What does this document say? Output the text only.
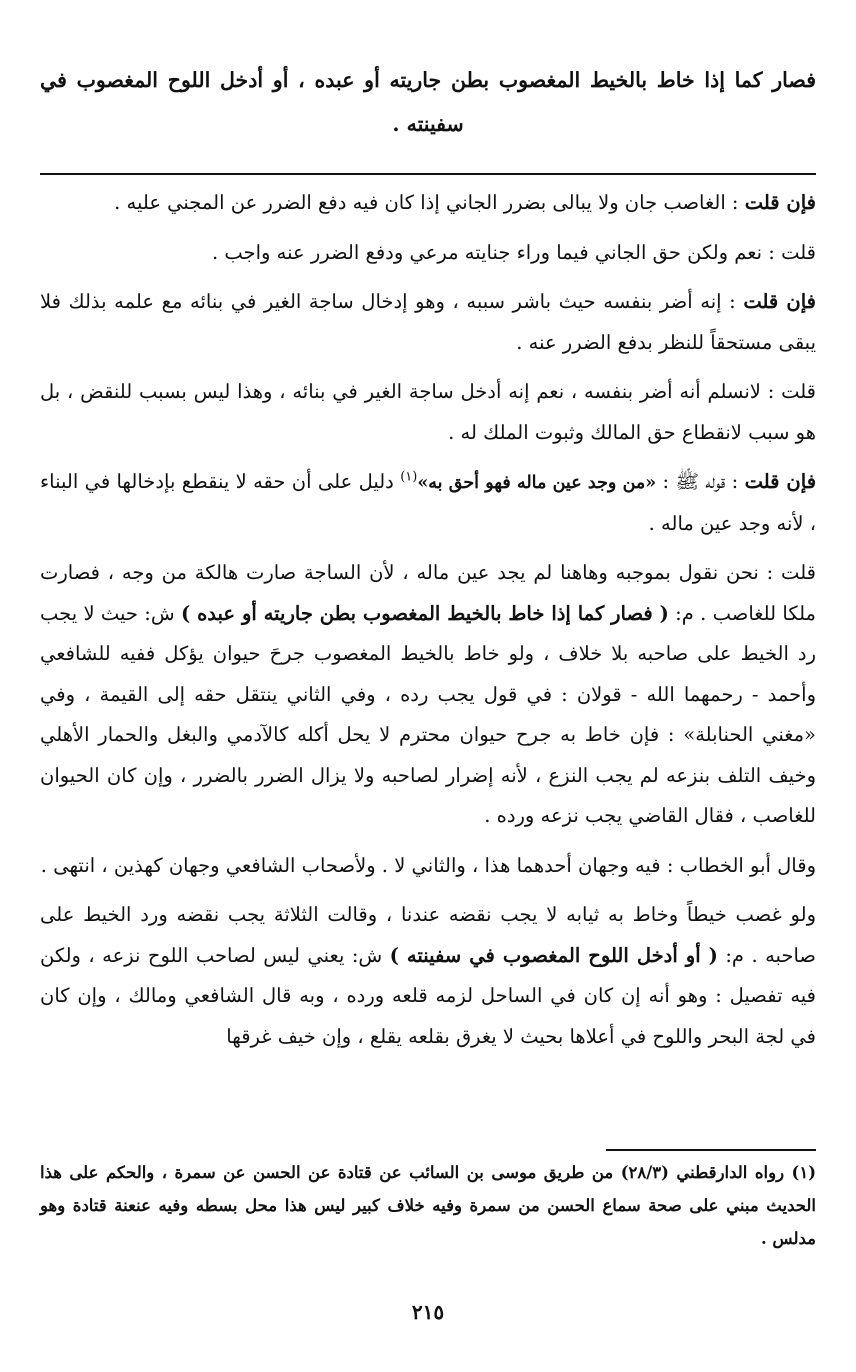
فصار كما إذا خاط بالخيط المغصوب بطن جاريته أو عبده ، أو أدخل اللوح المغصوب في سفينته .

فإن قلت : الغاصب جان ولا يبالى بضرر الجاني إذا كان فيه دفع الضرر عن المجني عليه .

قلت : نعم ولكن حق الجاني فيما وراء جنايته مرعي ودفع الضرر عنه واجب .

فإن قلت : إنه أضر بنفسه حيث باشر سببه ، وهو إدخال ساجة الغير في بنائه مع علمه بذلك فلا يبقى مستحقاً للنظر بدفع الضرر عنه .

قلت : لانسلم أنه أضر بنفسه ، نعم إنه أدخل ساجة الغير في بنائه ، وهذا ليس بسبب للنقض ، بل هو سبب لانقطاع حق المالك وثبوت الملك له .

فإن قلت : قوله ﷺ : «من وجد عين ماله فهو أحق به»$^{(١)}$ دليل على أن حقه لا ينقطع بإدخالها في البناء ، لأنه وجد عين ماله .

قلت : نحن نقول بموجبه وهاهنا لم يجد عين ماله ، لأن الساجة صارت هالكة من وجه ، فصارت ملكا للغاصب . م: ( فصار كما إذا خاط بالخيط المغصوب بطن جاريته أو عبده ) ش: حيث لا يجب رد الخيط على صاحبه بلا خلاف ، ولو خاط بالخيط المغصوب جرحَ حيوان يؤكل ففيه للشافعي وأحمد - رحمهما الله - قولان : في قول يجب رده ، وفي الثاني ينتقل حقه إلى القيمة ، وفي «مغني الحنابلة» : فإن خاط به جرح حيوان محترم لا يحل أكله كالآدمي والبغل والحمار الأهلي وخيف التلف بنزعه لم يجب النزع ، لأنه إضرار لصاحبه ولا يزال الضرر بالضرر ، وإن كان الحيوان للغاصب ، فقال القاضي يجب نزعه ورده .

وقال أبو الخطاب : فيه وجهان أحدهما هذا ، والثاني لا . ولأصحاب الشافعي وجهان كهذين ، انتهى .

ولو غصب خيطاً وخاط به ثيابه لا يجب نقضه عندنا ، وقالت الثلاثة يجب نقضه ورد الخيط على صاحبه . م: ( أو أدخل اللوح المغصوب في سفينته ) ش: يعني ليس لصاحب اللوح نزعه ، ولكن فيه تفصيل : وهو أنه إن كان في الساحل لزمه قلعه ورده ، وبه قال الشافعي ومالك ، وإن كان في لجة البحر واللوح في أعلاها بحيث لا يغرق بقلعه يقلع ، وإن خيف غرقها

(١) رواه الدارقطني (٢٨/٣) من طريق موسى بن السائب عن قتادة عن الحسن عن سمرة ، والحكم على هذا الحديث مبني على صحة سماع الحسن من سمرة وفيه خلاف كبير ليس هذا محل بسطه وفيه عنعنة قتادة وهو مدلس .
٢١٥
